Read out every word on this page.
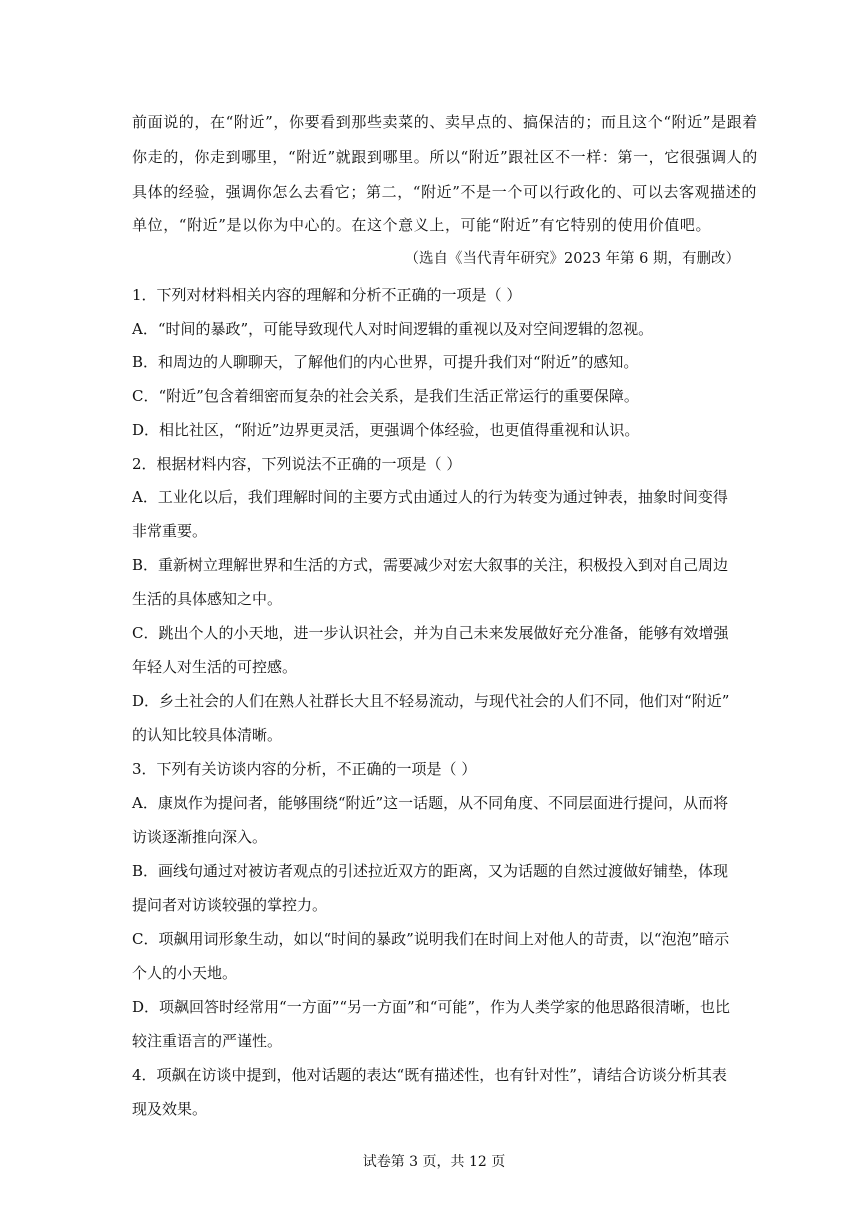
前面说的，在“附近”，你要看到那些卖菜的、卖早点的、搞保洁的；而且这个“附近”是跟着
你走的，你走到哪里，“附近”就跟到哪里。所以“附近”跟社区不一样：第一，它很强调人的
具体的经验，强调你怎么去看它；第二，“附近”不是一个可以行政化的、可以去客观描述的
单位，“附近”是以你为中心的。在这个意义上，可能“附近”有它特别的使用价值吧。
（选自《当代青年研究》2023 年第 6 期，有删改）
1．下列对材料相关内容的理解和分析不正确的一项是（ ）
A．“时间的暴政”，可能导致现代人对时间逻辑的重视以及对空间逻辑的忽视。
B．和周边的人聊聊天，了解他们的内心世界，可提升我们对“附近”的感知。
C．“附近”包含着细密而复杂的社会关系，是我们生活正常运行的重要保障。
D．相比社区，“附近”边界更灵活，更强调个体经验，也更值得重视和认识。
2．根据材料内容，下列说法不正确的一项是（ ）
A．工业化以后，我们理解时间的主要方式由通过人的行为转变为通过钟表，抽象时间变得
非常重要。
B．重新树立理解世界和生活的方式，需要减少对宏大叙事的关注，积极投入到对自己周边
生活的具体感知之中。
C．跳出个人的小天地，进一步认识社会，并为自己未来发展做好充分准备，能够有效增强
年轻人对生活的可控感。
D．乡土社会的人们在熟人社群长大且不轻易流动，与现代社会的人们不同，他们对“附近”
的认知比较具体清晰。
3．下列有关访谈内容的分析，不正确的一项是（ ）
A．康岚作为提问者，能够围绕“附近”这一话题，从不同角度、不同层面进行提问，从而将
访谈逐渐推向深入。
B．画线句通过对被访者观点的引述拉近双方的距离，又为话题的自然过渡做好铺垫，体现
提问者对访谈较强的掌控力。
C．项飙用词形象生动，如以“时间的暴政”说明我们在时间上对他人的苛责，以“泡泡”暗示
个人的小天地。
D．项飙回答时经常用“一方面”“另一方面”和“可能”，作为人类学家的他思路很清晰，也比
较注重语言的严谨性。
4．项飙在访谈中提到，他对话题的表达“既有描述性，也有针对性”，请结合访谈分析其表
现及效果。
试卷第 3 页，共 12 页
